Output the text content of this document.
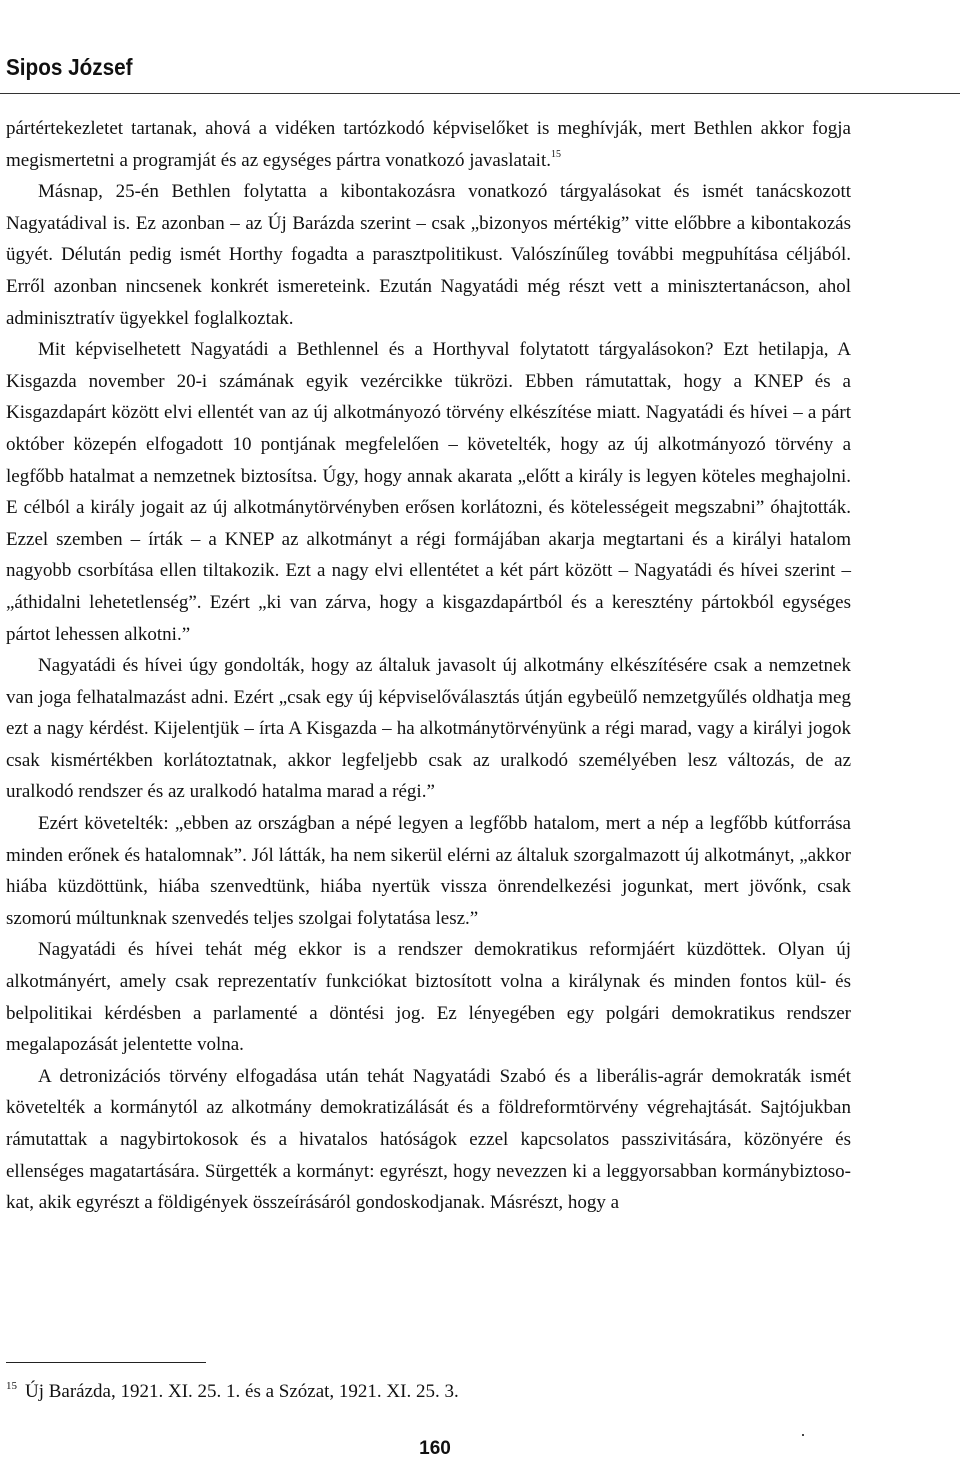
Sipos József

pártértekezletet tartanak, ahová a vidéken tartózkodó képviselőket is meghívják, mert Bethlen akkor fogja megismertetni a programját és az egységes pártra vonatkozó javaslatait.$^{15}$

Másnap, 25-én Bethlen folytatta a kibontakozásra vonatkozó tárgyalásokat és ismét tanácskozott Nagyatádival is. Ez azonban – az Új Barázda szerint – csak „bizonyos mértékig” vitte előbbre a kibontakozás ügyét. Délután pedig ismét Horthy fogadta a parasztpolitikust. Valószínűleg további megpuhítása céljából. Erről azonban nincsenek konkrét ismereteink. Ezután Nagyatádi még részt vett a minisztertanácson, ahol adminisztratív ügyekkel foglalkoztak.

Mit képviselhetett Nagyatádi a Bethlennel és a Horthyval folytatott tárgyalásokon? Ezt hetilapja, A Kisgazda november 20-i számának egyik vezércikke tükrözi. Ebben rámutattak, hogy a KNEP és a Kisgazdapárt között elvi ellentét van az új alkotmányozó törvény elkészítése miatt. Nagyatádi és hívei – a párt október közepén elfogadott 10 pontjának megfelelően – követelték, hogy az új alkotmányozó törvény a legfőbb hatalmat a nemzetnek biztosítsa. Úgy, hogy annak akarata „előtt a király is legyen köteles meghajolni. E célból a király jogait az új alkotmánytörvényben erősen korlátozni, és kötelességeit megszabni” óhajtották. Ezzel szemben – írták – a KNEP az alkotmányt a régi formájában akarja megtartani és a királyi hatalom nagyobb csorbítása ellen tiltakozik. Ezt a nagy elvi ellentétet a két párt között – Nagyatádi és hívei szerint – „áthidalni lehetetlenség”. Ezért „ki van zárva, hogy a kisgazdapártból és a keresztény pártokból egységes pártot lehessen alkotni.”

Nagyatádi és hívei úgy gondolták, hogy az általuk javasolt új alkotmány elkészítésére csak a nemzetnek van joga felhatalmazást adni. Ezért „csak egy új képviselőválasztás útján egybeülő nemzetgyűlés oldhatja meg ezt a nagy kérdést. Kijelentjük – írta A Kisgazda – ha alkotmánytörvényünk a régi marad, vagy a királyi jogok csak kismértékben korlátoztatnak, akkor legfeljebb csak az uralkodó személyében lesz változás, de az uralkodó rendszer és az uralkodó hatalma marad a régi.”

Ezért követelték: „ebben az országban a népé legyen a legfőbb hatalom, mert a nép a legfőbb kútforrása minden erőnek és hatalomnak”. Jól látták, ha nem sikerül elérni az általuk szorgalmazott új alkotmányt, „akkor hiába küzdöttünk, hiába szenvedtünk, hiába nyertük vissza önrendelkezési jogunkat, mert jövőnk, csak szomorú múltunknak szenvedés teljes szolgai folytatása lesz.”

Nagyatádi és hívei tehát még ekkor is a rendszer demokratikus reformjáért küzdöttek. Olyan új alkotmányért, amely csak reprezentatív funkciókat biztosított volna a királynak és minden fontos kül- és belpolitikai kérdésben a parlamenté a döntési jog. Ez lényegében egy polgári demokratikus rendszer megalapozását jelentette volna.

A detronizációs törvény elfogadása után tehát Nagyatádi Szabó és a liberális-agrár demokraták ismét követelték a kormánytól az alkotmány demokratizálását és a földreformtörvény végrehajtását. Sajtójukban rámutattak a nagybirtokosok és a hivatalos hatóságok ezzel kapcsolatos passzivitására, közönyére és ellenséges magatartására. Sürgették a kormányt: egyrészt, hogy nevezzen ki a leggyorsabban kormánybiztosokat, akik egyrészt a földigények összeírásáról gondoskodjanak. Másrészt, hogy a

$^{15}$ Új Barázda, 1921. XI. 25. 1. és a Szózat, 1921. XI. 25. 3.
160
